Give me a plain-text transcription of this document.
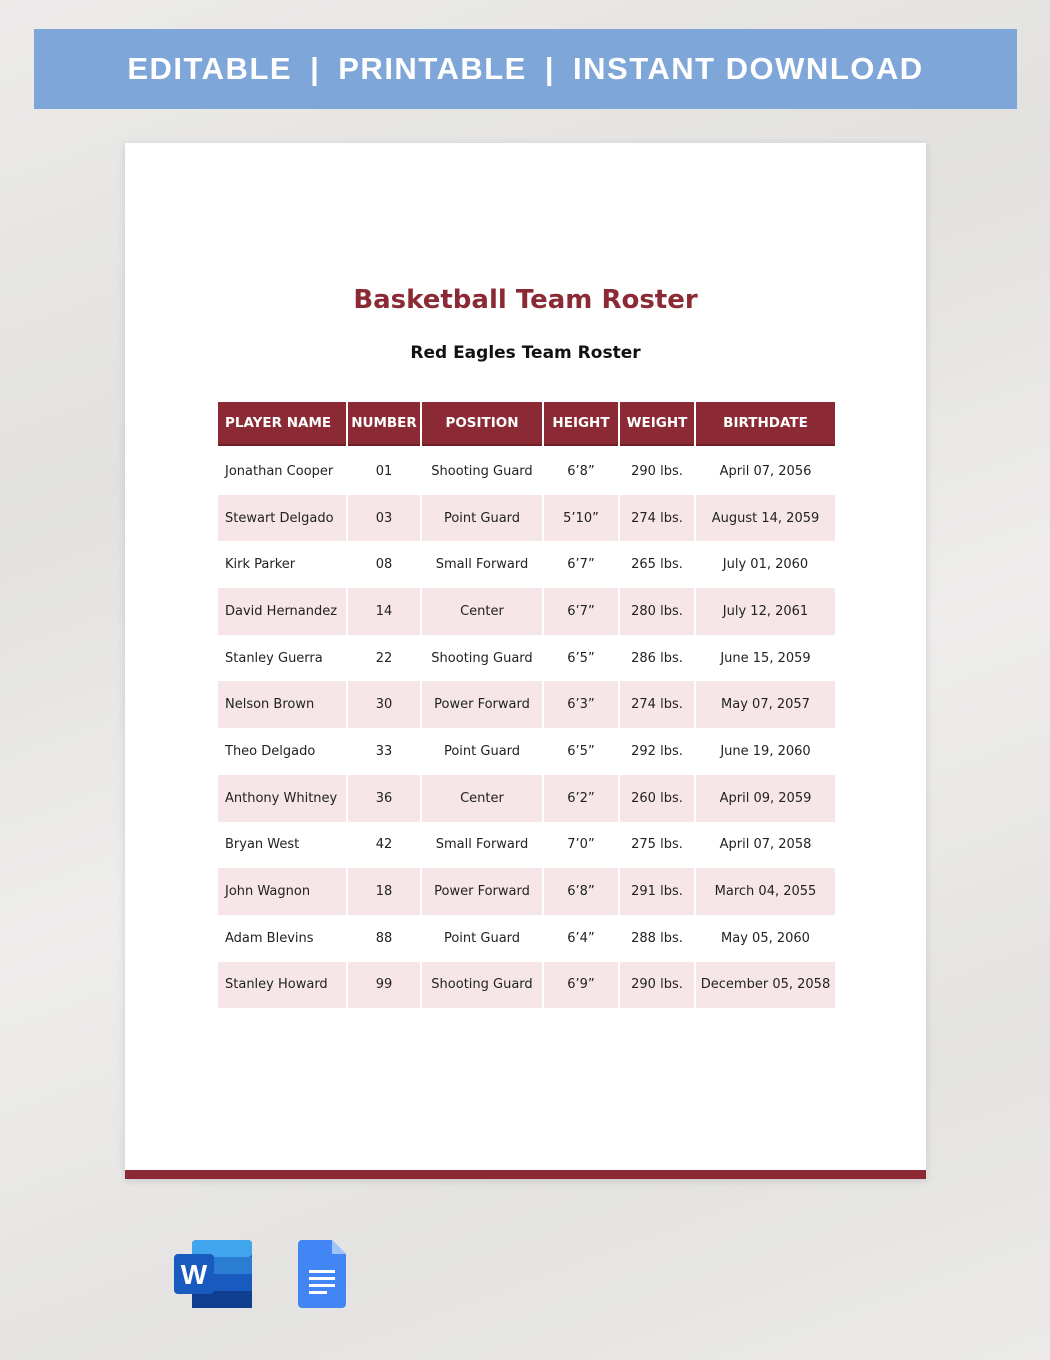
EDITABLE | PRINTABLE | INSTANT DOWNLOAD
Basketball Team Roster
Red Eagles Team Roster
PLAYER NAME	NUMBER	POSITION	HEIGHT	WEIGHT	BIRTHDATE
Jonathan Cooper	01	Shooting Guard	6’8”	290 lbs.	April 07, 2056
Stewart Delgado	03	Point Guard	5’10”	274 lbs.	August 14, 2059
Kirk Parker	08	Small Forward	6’7”	265 lbs.	July 01, 2060
David Hernandez	14	Center	6’7”	280 lbs.	July 12, 2061
Stanley Guerra	22	Shooting Guard	6’5”	286 lbs.	June 15, 2059
Nelson Brown	30	Power Forward	6’3”	274 lbs.	May 07, 2057
Theo Delgado	33	Point Guard	6’5”	292 lbs.	June 19, 2060
Anthony Whitney	36	Center	6’2”	260 lbs.	April 09, 2059
Bryan West	42	Small Forward	7’0”	275 lbs.	April 07, 2058
John Wagnon	18	Power Forward	6’8”	291 lbs.	March 04, 2055
Adam Blevins	88	Point Guard	6’4”	288 lbs.	May 05, 2060
Stanley Howard	99	Shooting Guard	6’9”	290 lbs.	December 05, 2058
W
